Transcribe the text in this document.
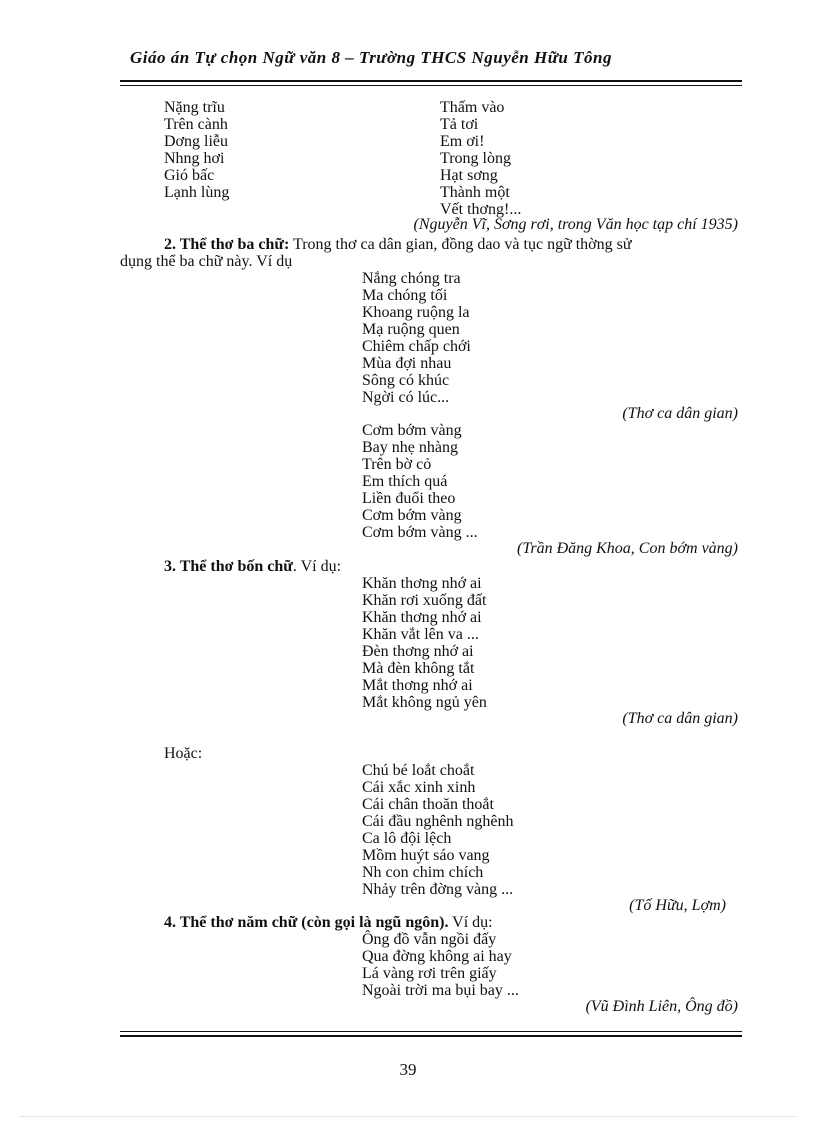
Giáo án Tự chọn Ngữ văn 8 – Trường THCS Nguyễn Hữu Tông
Nặng trĩu
Trên cành
Dơng liễu
Nhng hơi
Gió bấc
Lạnh lùng
Thấm vào
Tả tơi
Em ơi!
Trong lòng
Hạt sơng
Thành một
Vết thơng!...
(Nguyễn Vĩ, Sơng rơi, trong Văn học tạp chí 1935)
2. Thể thơ ba chữ: Trong thơ ca dân gian, đồng dao và tục ngữ thờng sử
dụng thể ba chữ này. Ví dụ
Nắng chóng tra
Ma chóng tối
Khoang ruộng la
Mạ ruộng quen
Chiêm chấp chới
Mùa đợi nhau
Sông có khúc
Ngời có lúc...
(Thơ ca dân gian)
Cơm bớm vàng
Bay nhẹ nhàng
Trên bờ cỏ
Em thích quá
Liền đuổi theo
Cơm bớm vàng
Cơm bớm vàng ...
(Trần Đăng Khoa, Con bớm vàng)
3. Thể thơ bốn chữ. Ví dụ:
Khăn thơng nhớ ai
Khăn rơi xuống đất
Khăn thơng nhớ ai
Khăn vắt lên va ...
Đèn thơng nhớ ai
Mà đèn không tắt
Mắt thơng nhớ ai
Mắt không ngủ yên
(Thơ ca dân gian)
Hoặc:
Chú bé loắt choắt
Cái xắc xinh xinh
Cái chân thoăn thoắt
Cái đầu nghênh nghênh
Ca lô đội lệch
Mồm huýt sáo vang
Nh con chim chích
Nhảy trên đờng vàng ...
(Tố Hữu, Lợm)
4. Thể thơ năm chữ (còn gọi là ngũ ngôn). Ví dụ:
Ông đồ vẫn ngồi đấy
Qua đờng không ai hay
Lá vàng rơi trên giấy
Ngoài trời ma bụi bay ...
(Vũ Đình Liên, Ông đồ)
39
